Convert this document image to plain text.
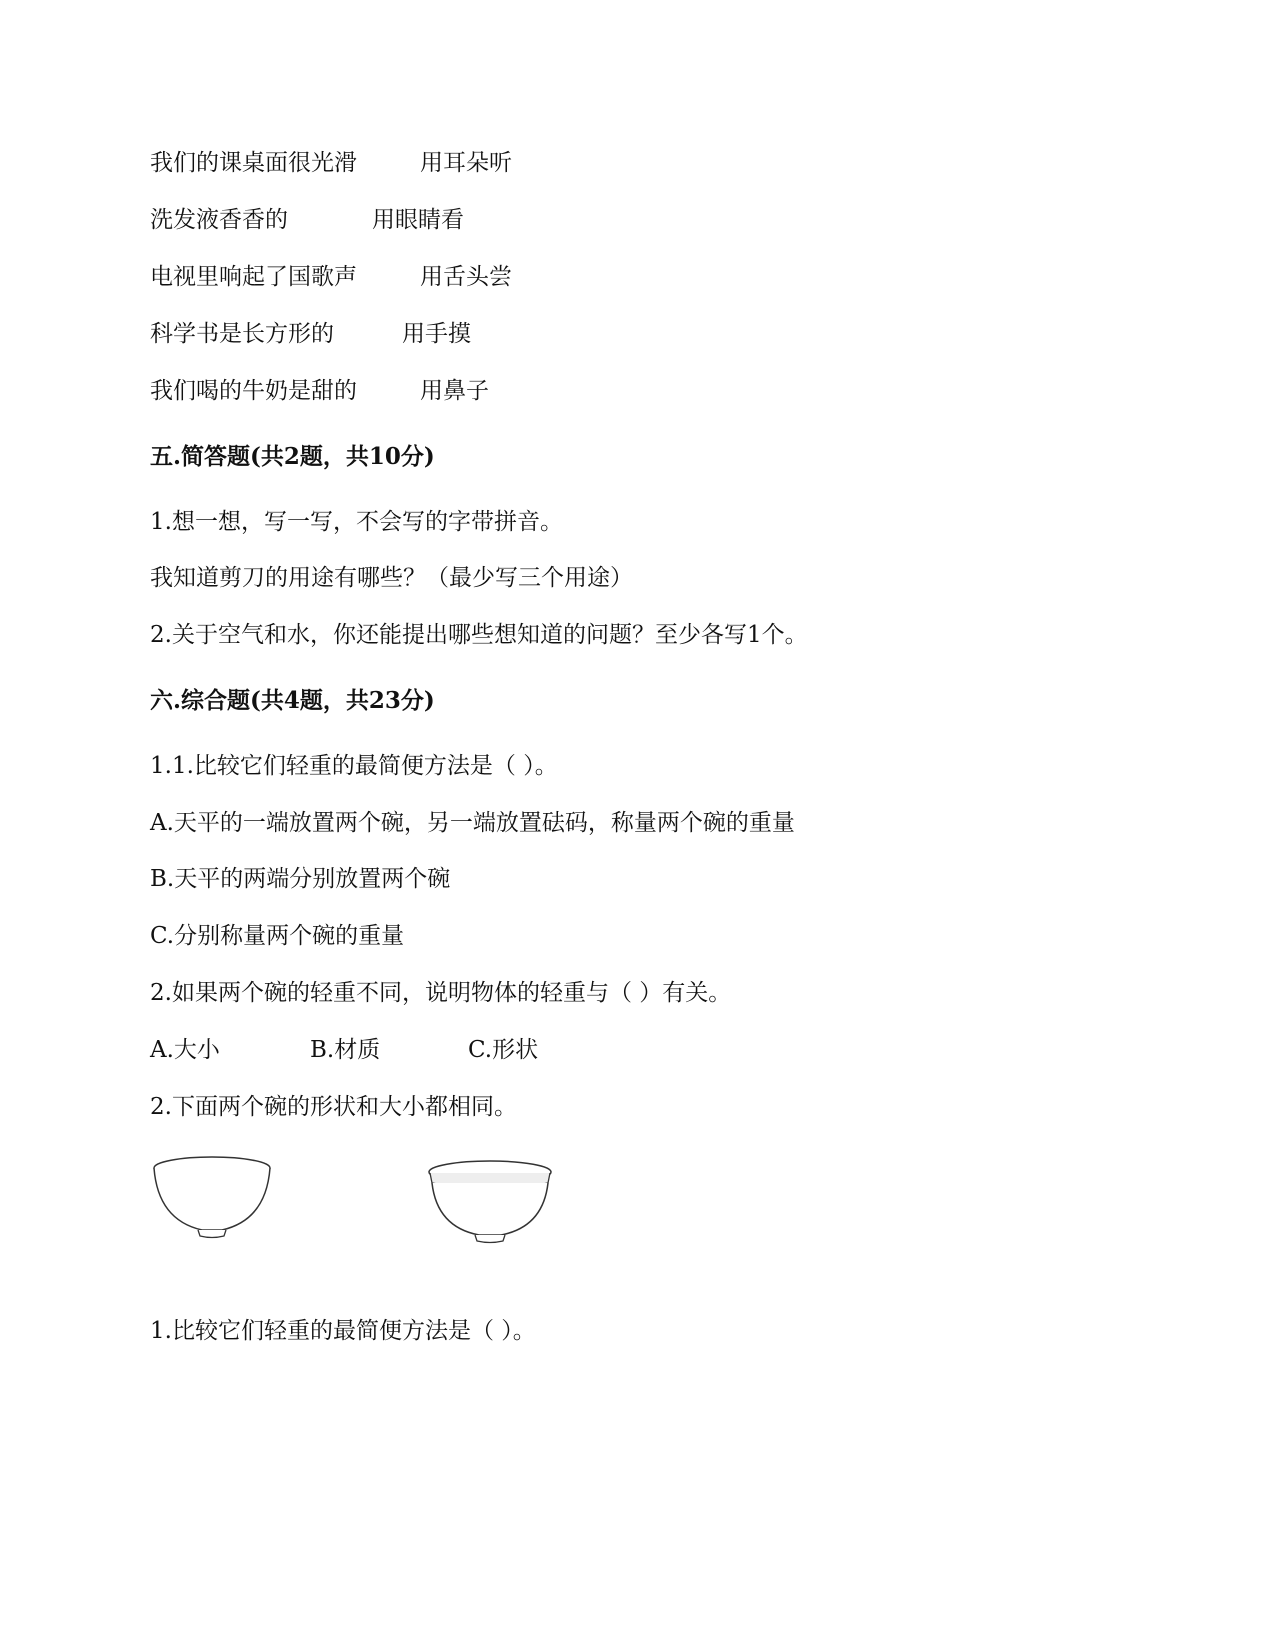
我们的课桌面很光滑	用耳朵听
洗发液香香的	用眼睛看
电视里响起了国歌声	用舌头尝
科学书是长方形的	用手摸
我们喝的牛奶是甜的	用鼻子
五.简答题(共2题，共10分)
1.想一想，写一写，不会写的字带拼音。
我知道剪刀的用途有哪些？（最少写三个用途）
2.关于空气和水，你还能提出哪些想知道的问题？至少各写1个。
六.综合题(共4题，共23分)
1.1.比较它们轻重的最简便方法是（ ）。
A.天平的一端放置两个碗，另一端放置砝码，称量两个碗的重量
B.天平的两端分别放置两个碗
C.分别称量两个碗的重量
2.如果两个碗的轻重不同，说明物体的轻重与（ ）有关。
A.大小	B.材质	C.形状
2.下面两个碗的形状和大小都相同。
1.比较它们轻重的最简便方法是（ ）。
